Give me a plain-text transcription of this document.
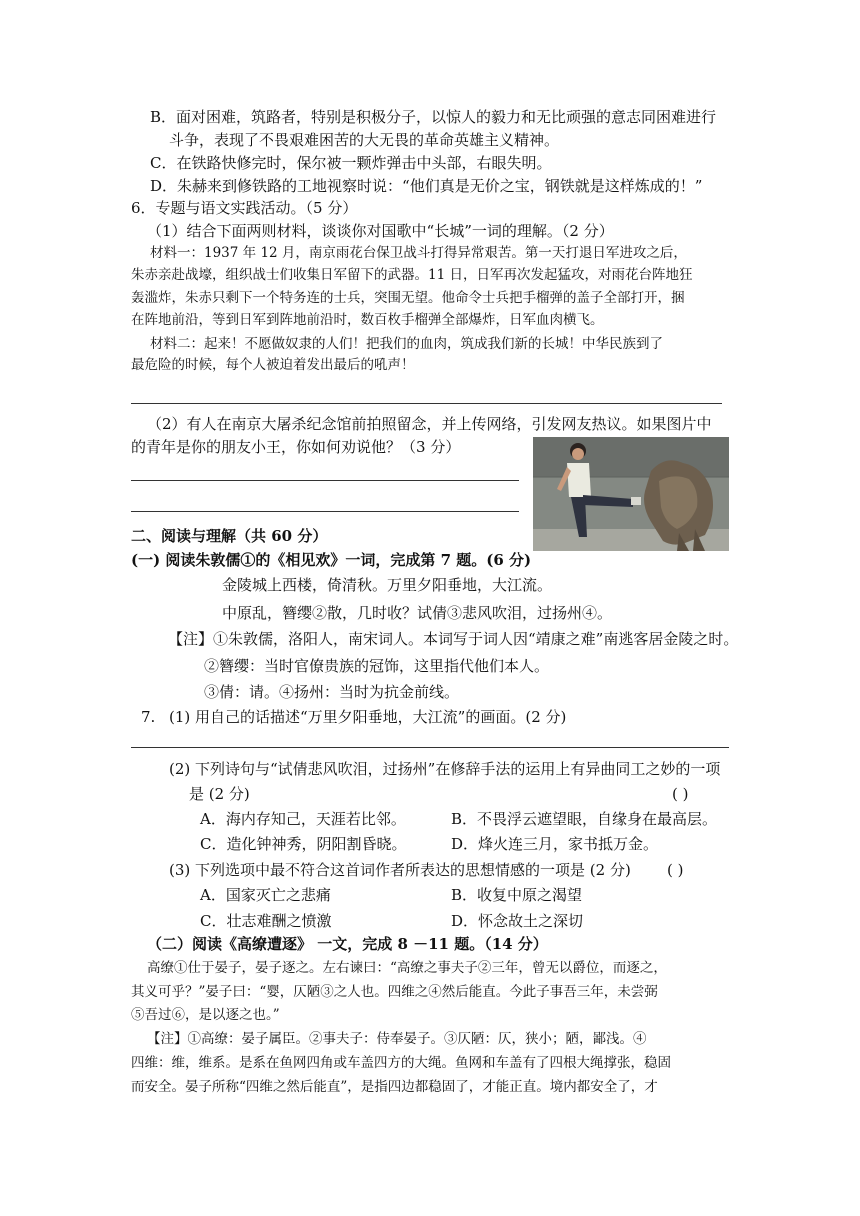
B．面对困难，筑路者，特别是积极分子，以惊人的毅力和无比顽强的意志同困难进行
斗争，表现了不畏艰难困苦的大无畏的革命英雄主义精神。
C．在铁路快修完时，保尔被一颗炸弹击中头部，右眼失明。
D．朱赫来到修铁路的工地视察时说：“他们真是无价之宝，钢铁就是这样炼成的！”
6．专题与语文实践活动。（5 分）
（1）结合下面两则材料，谈谈你对国歌中“长城”一词的理解。（2 分）
材料一：1937 年 12 月，南京雨花台保卫战斗打得异常艰苦。第一天打退日军进攻之后，
朱赤亲赴战壕，组织战士们收集日军留下的武器。11 日，日军再次发起猛攻，对雨花台阵地狂
轰滥炸，朱赤只剩下一个特务连的士兵，突围无望。他命令士兵把手榴弹的盖子全部打开，捆
在阵地前沿，等到日军到阵地前沿时，数百枚手榴弹全部爆炸，日军血肉横飞。
材料二：起来！不愿做奴隶的人们！把我们的血肉，筑成我们新的长城！中华民族到了
最危险的时候，每个人被迫着发出最后的吼声！
（2）有人在南京大屠杀纪念馆前拍照留念，并上传网络，引发网友热议。如果图片中
的青年是你的朋友小王，你如何劝说他？（3 分）
二、阅读与理解（共 60 分）
(一) 阅读朱敦儒①的《相见欢》一词，完成第 7 题。(6 分)
金陵城上西楼，倚清秋。万里夕阳垂地，大江流。
中原乱，簪缨②散，几时收？试倩③悲风吹泪，过扬州④。
【注】①朱敦儒，洛阳人，南宋词人。本词写于词人因“靖康之难”南逃客居金陵之时。
②簪缨：当时官僚贵族的冠饰，这里指代他们本人。
③倩：请。④扬州：当时为抗金前线。
7. (1) 用自己的话描述“万里夕阳垂地，大江流”的画面。(2 分)
(2) 下列诗句与“试倩悲风吹泪，过扬州”在修辞手法的运用上有异曲同工之妙的一项
是 (2 分)	( )
A．海内存知己，天涯若比邻。	B．不畏浮云遮望眼，自缘身在最高层。
C．造化钟神秀，阴阳割昏晓。	D．烽火连三月，家书抵万金。
(3) 下列选项中最不符合这首词作者所表达的思想情感的一项是 (2 分) ( )
A．国家灭亡之悲痛	B．收复中原之渴望
C．壮志难酬之愤激	D．怀念故土之深切
（二）阅读《高缭遭逐》 一文，完成 8 －11 题。（14 分）
高缭①仕于晏子，晏子逐之。左右谏曰：“高缭之事夫子②三年，曾无以爵位，而逐之，
其义可乎？”晏子曰：“婴，仄陋③之人也。四维之④然后能直。今此子事吾三年，未尝弼
⑤吾过⑥，是以逐之也。”
【注】①高缭：晏子属臣。②事夫子：侍奉晏子。③仄陋：仄，狭小；陋，鄙浅。④
四维：维，维系。是系在鱼网四角或车盖四方的大绳。鱼网和车盖有了四根大绳撑张，稳固
而安全。晏子所称“四维之然后能直”，是指四边都稳固了，才能正直。境内都安全了，才
